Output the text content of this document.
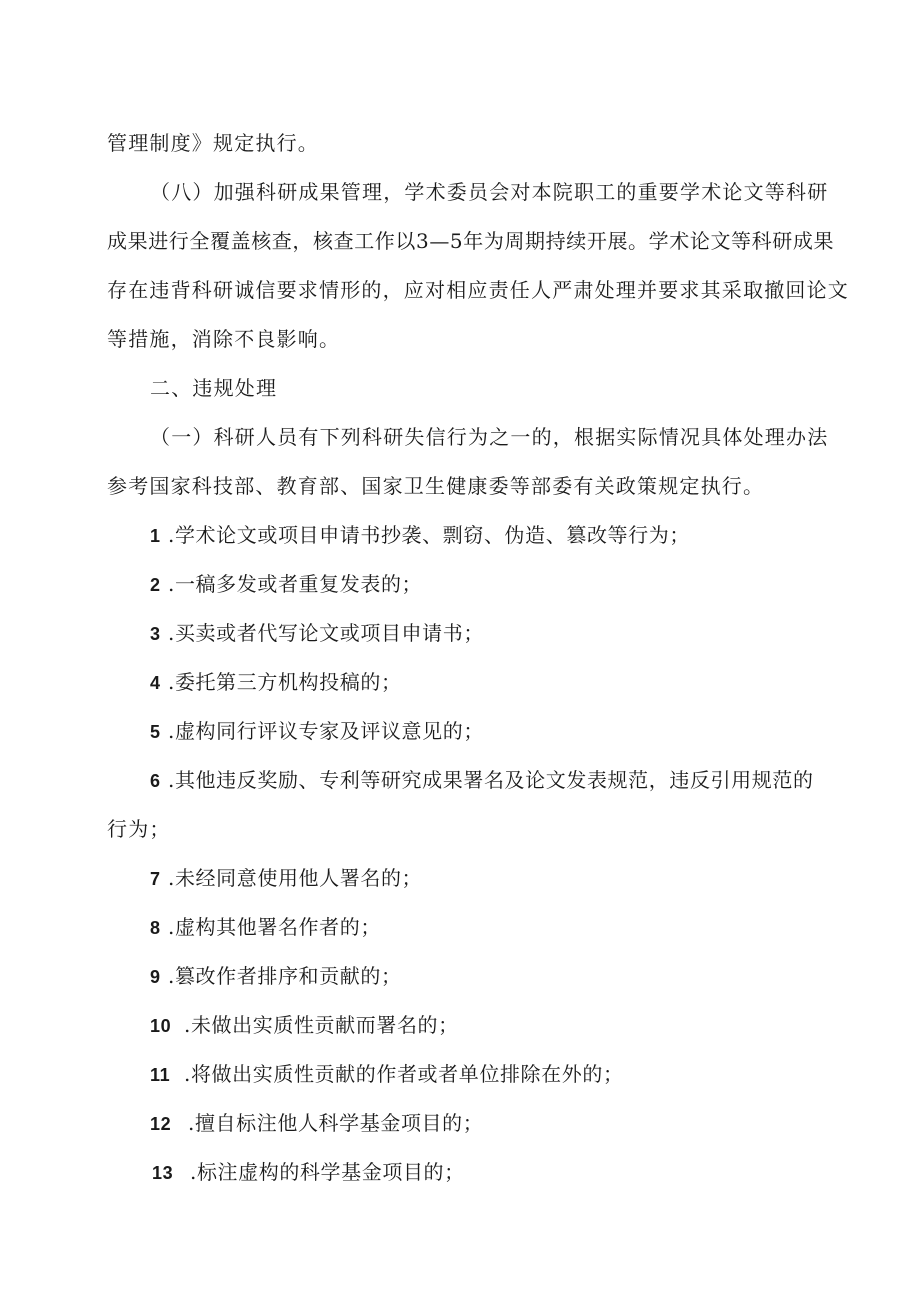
管理制度》规定执行。
（八）加强科研成果管理，学术委员会对本院职工的重要学术论文等科研
成果进行全覆盖核查，核查工作以3—5年为周期持续开展。学术论文等科研成果
存在违背科研诚信要求情形的，应对相应责任人严肃处理并要求其采取撤回论文
等措施，消除不良影响。
二、违规处理
（一）科研人员有下列科研失信行为之一的，根据实际情况具体处理办法
参考国家科技部、教育部、国家卫生健康委等部委有关政策规定执行。
1 .学术论文或项目申请书抄袭、剽窃、伪造、篡改等行为；
2 .一稿多发或者重复发表的；
3 .买卖或者代写论文或项目申请书；
4 .委托第三方机构投稿的；
5 .虚构同行评议专家及评议意见的；
6 .其他违反奖励、专利等研究成果署名及论文发表规范，违反引用规范的
行为；
7 .未经同意使用他人署名的；
8 .虚构其他署名作者的；
9 .篡改作者排序和贡献的；
10 .未做出实质性贡献而署名的；
11 .将做出实质性贡献的作者或者单位排除在外的；
12 .擅自标注他人科学基金项目的；
13 .标注虚构的科学基金项目的；
